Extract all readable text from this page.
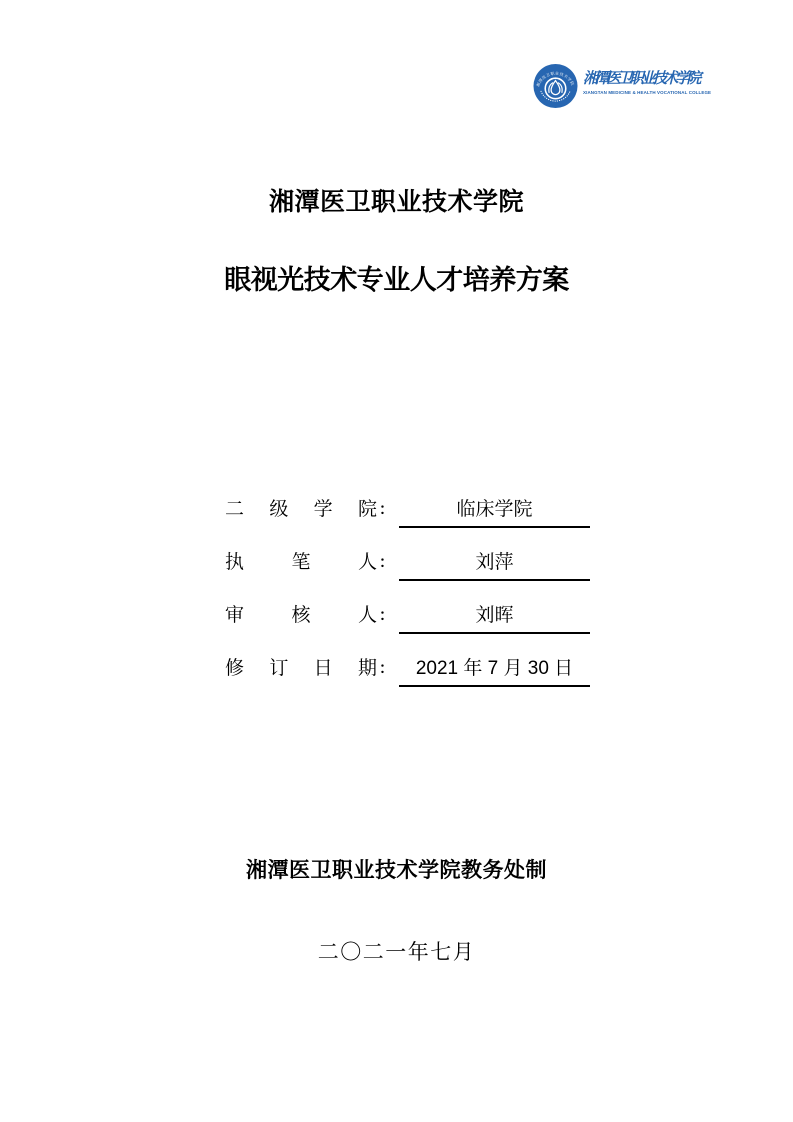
湘潭医卫职业技术学院 湘潭医卫职业技术学院
XIANGTAN MEDICINE & HEALTH VOCATIONAL COLLEGE
湘潭医卫职业技术学院
眼视光技术专业人才培养方案
二 级 学 院 ：	临床学院
执 笔 人 ：	刘萍
审 核 人 ：	刘晖
修 订 日 期 ：	2021 年 7 月 30 日
湘潭医卫职业技术学院教务处制
二〇二一年七月
